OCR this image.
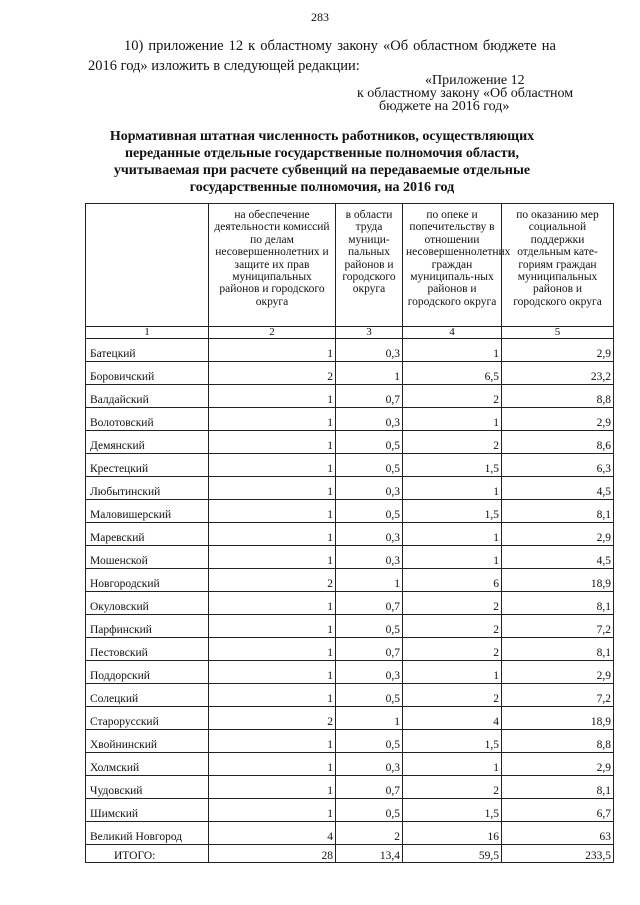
283

10) приложение 12 к областному закону «Об областном бюджете на 2016 год» изложить в следующей редакции:

«Приложение 12
к областному закону «Об областном
бюджете на 2016 год»
Нормативная штатная численность работников, осуществляющих переданные отдельные государственные полномочия области, учитываемая при расчете субвенций на передаваемые отдельные государственные полномочия, на 2016 год
	на обеспечение деятельности комиссий по делам несовершеннолетних и защите их прав муниципальных районов и городского округа	в области труда муници-пальных районов и городского округа	по опеке и попечительству в отношении несовершеннолетних граждан муниципаль-ных районов и городского округа	по оказанию мер социальной поддержки отдельным кате-гориям граждан муниципальных районов и городского округа
1	2	3	4	5
Батецкий	1	0,3	1	2,9
Боровичский	2	1	6,5	23,2
Валдайский	1	0,7	2	8,8
Волотовский	1	0,3	1	2,9
Демянский	1	0,5	2	8,6
Крестецкий	1	0,5	1,5	6,3
Любытинский	1	0,3	1	4,5
Маловишерский	1	0,5	1,5	8,1
Маревский	1	0,3	1	2,9
Мошенской	1	0,3	1	4,5
Новгородский	2	1	6	18,9
Окуловский	1	0,7	2	8,1
Парфинский	1	0,5	2	7,2
Пестовский	1	0,7	2	8,1
Поддорский	1	0,3	1	2,9
Солецкий	1	0,5	2	7,2
Старорусский	2	1	4	18,9
Хвойнинский	1	0,5	1,5	8,8
Холмский	1	0,3	1	2,9
Чудовский	1	0,7	2	8,1
Шимский	1	0,5	1,5	6,7
Великий Новгород	4	2	16	63
ИТОГО:	28	13,4	59,5	233,5
